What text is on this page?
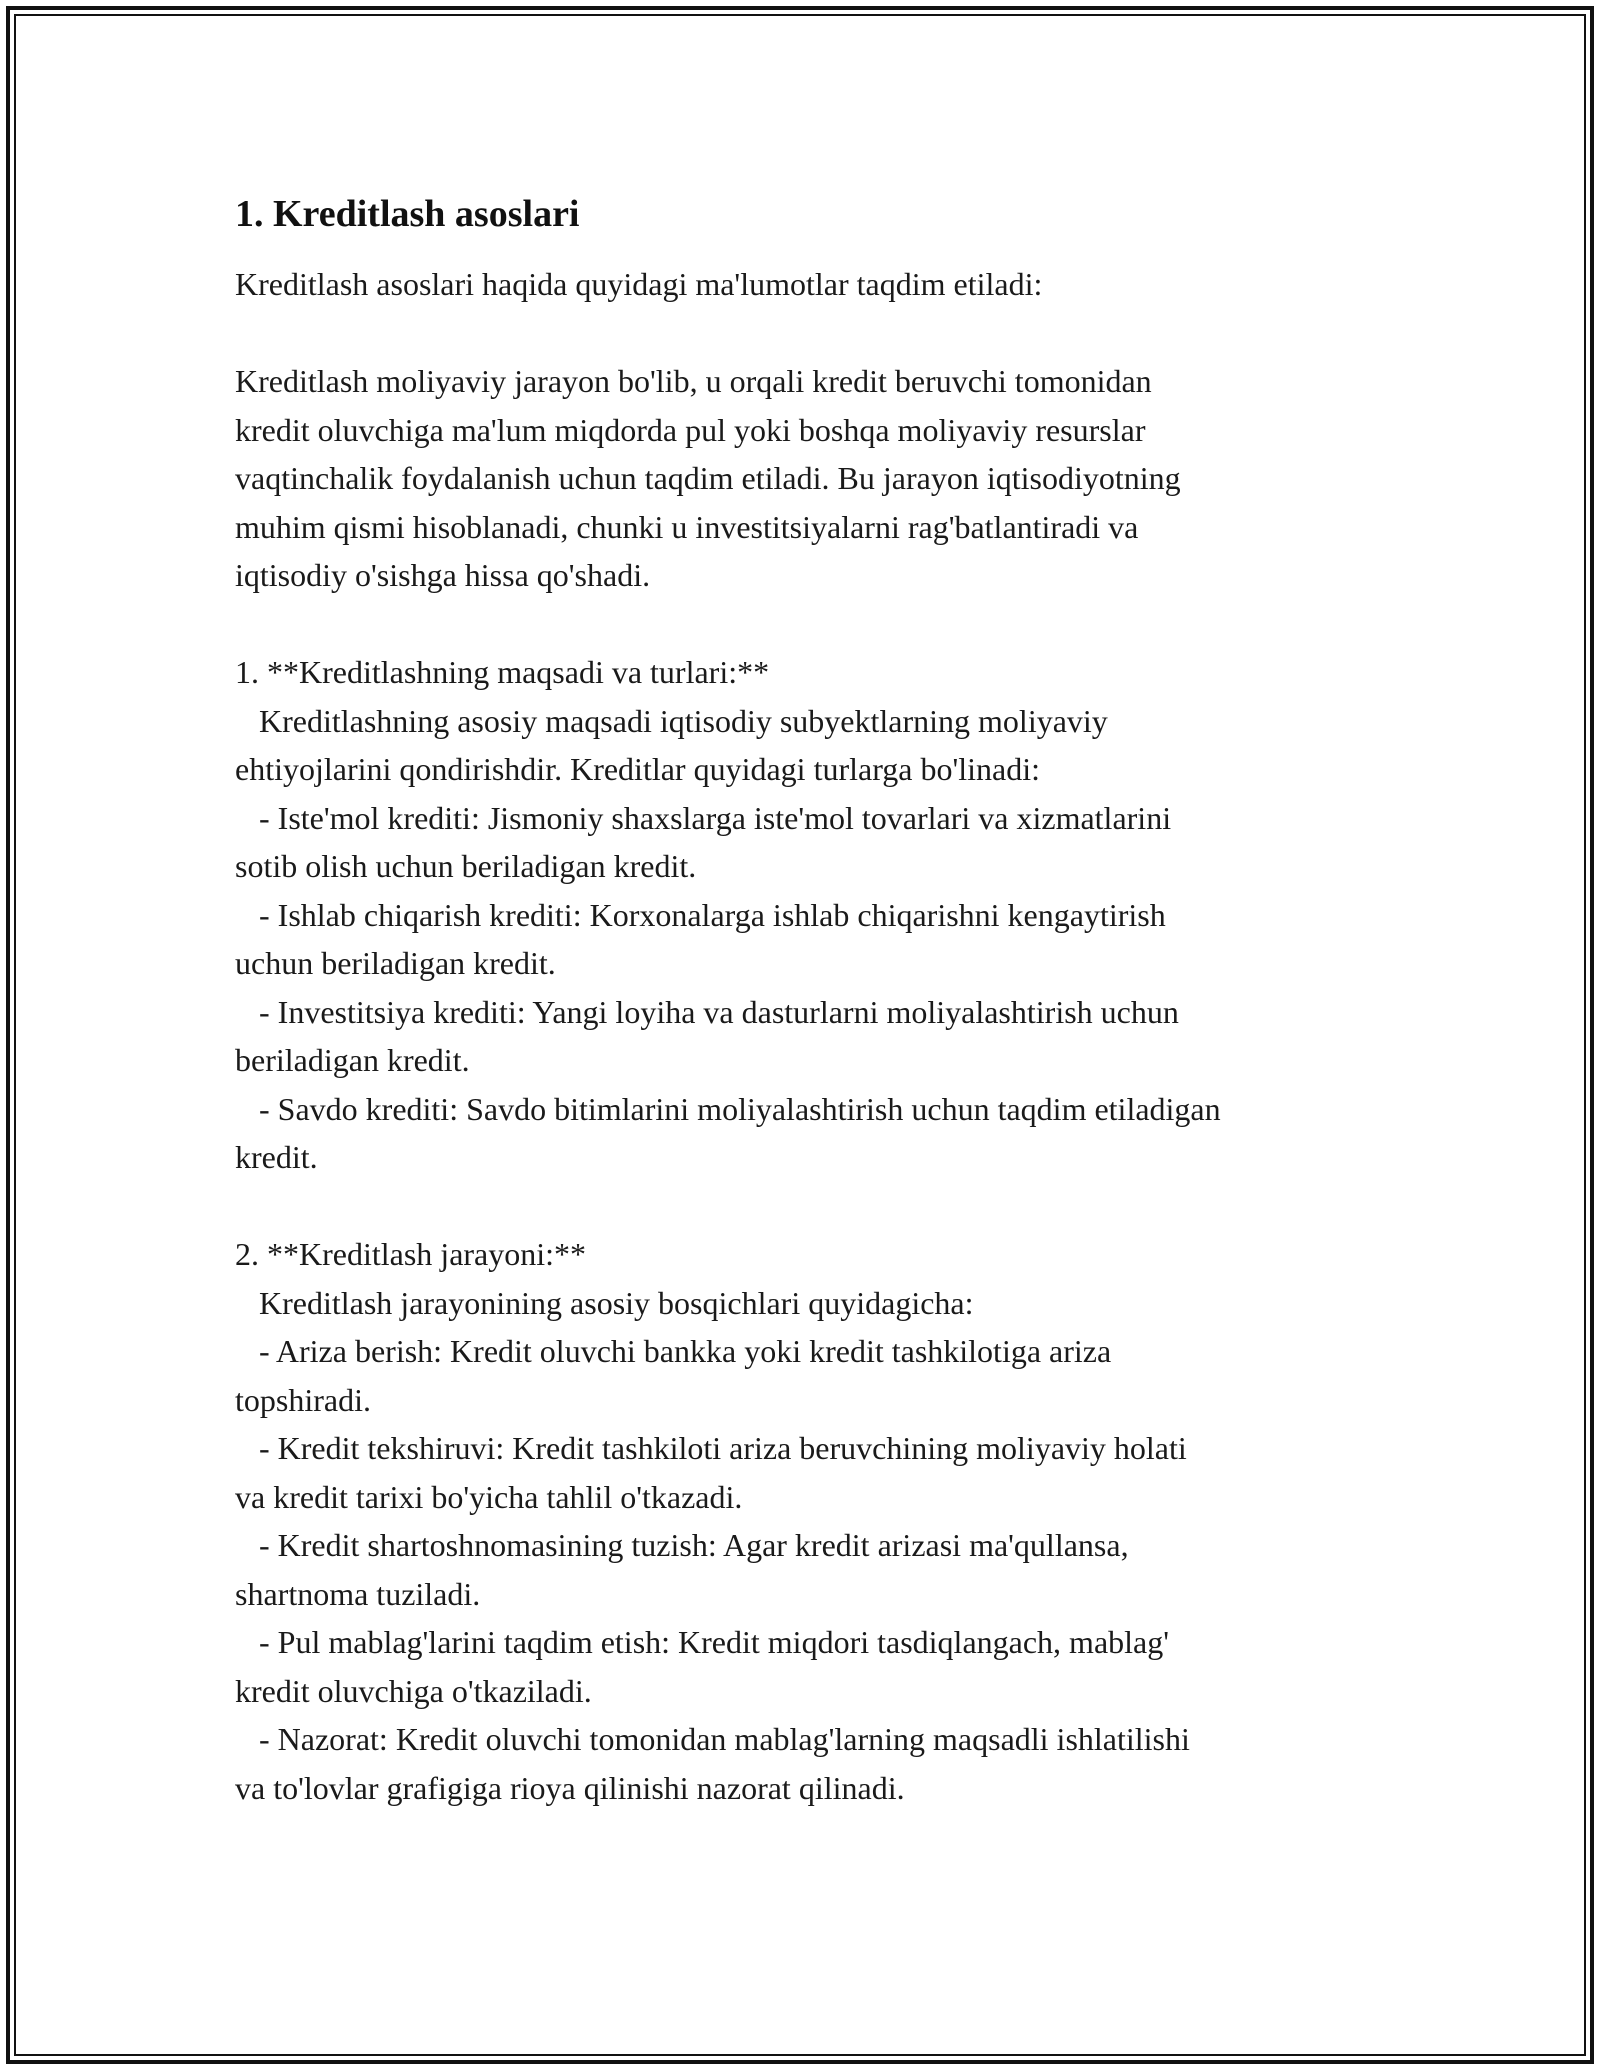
1. Kreditlash asoslari

Kreditlash asoslari haqida quyidagi ma'lumotlar taqdim etiladi:

Kreditlash moliyaviy jarayon bo'lib, u orqali kredit beruvchi tomonidan
kredit oluvchiga ma'lum miqdorda pul yoki boshqa moliyaviy resurslar
vaqtinchalik foydalanish uchun taqdim etiladi. Bu jarayon iqtisodiyotning
muhim qismi hisoblanadi, chunki u investitsiyalarni rag'batlantiradi va
iqtisodiy o'sishga hissa qo'shadi.

1. **Kreditlashning maqsadi va turlari:**
Kreditlashning asosiy maqsadi iqtisodiy subyektlarning moliyaviy
ehtiyojlarini qondirishdir. Kreditlar quyidagi turlarga bo'linadi:
- Iste'mol krediti: Jismoniy shaxslarga iste'mol tovarlari va xizmatlarini
sotib olish uchun beriladigan kredit.
- Ishlab chiqarish krediti: Korxonalarga ishlab chiqarishni kengaytirish
uchun beriladigan kredit.
- Investitsiya krediti: Yangi loyiha va dasturlarni moliyalashtirish uchun
beriladigan kredit.
- Savdo krediti: Savdo bitimlarini moliyalashtirish uchun taqdim etiladigan
kredit.

2. **Kreditlash jarayoni:**
Kreditlash jarayonining asosiy bosqichlari quyidagicha:
- Ariza berish: Kredit oluvchi bankka yoki kredit tashkilotiga ariza
topshiradi.
- Kredit tekshiruvi: Kredit tashkiloti ariza beruvchining moliyaviy holati
va kredit tarixi bo'yicha tahlil o'tkazadi.
- Kredit shartoshnomasining tuzish: Agar kredit arizasi ma'qullansa,
shartnoma tuziladi.
- Pul mablag'larini taqdim etish: Kredit miqdori tasdiqlangach, mablag'
kredit oluvchiga o'tkaziladi.
- Nazorat: Kredit oluvchi tomonidan mablag'larning maqsadli ishlatilishi
va to'lovlar grafigiga rioya qilinishi nazorat qilinadi.
